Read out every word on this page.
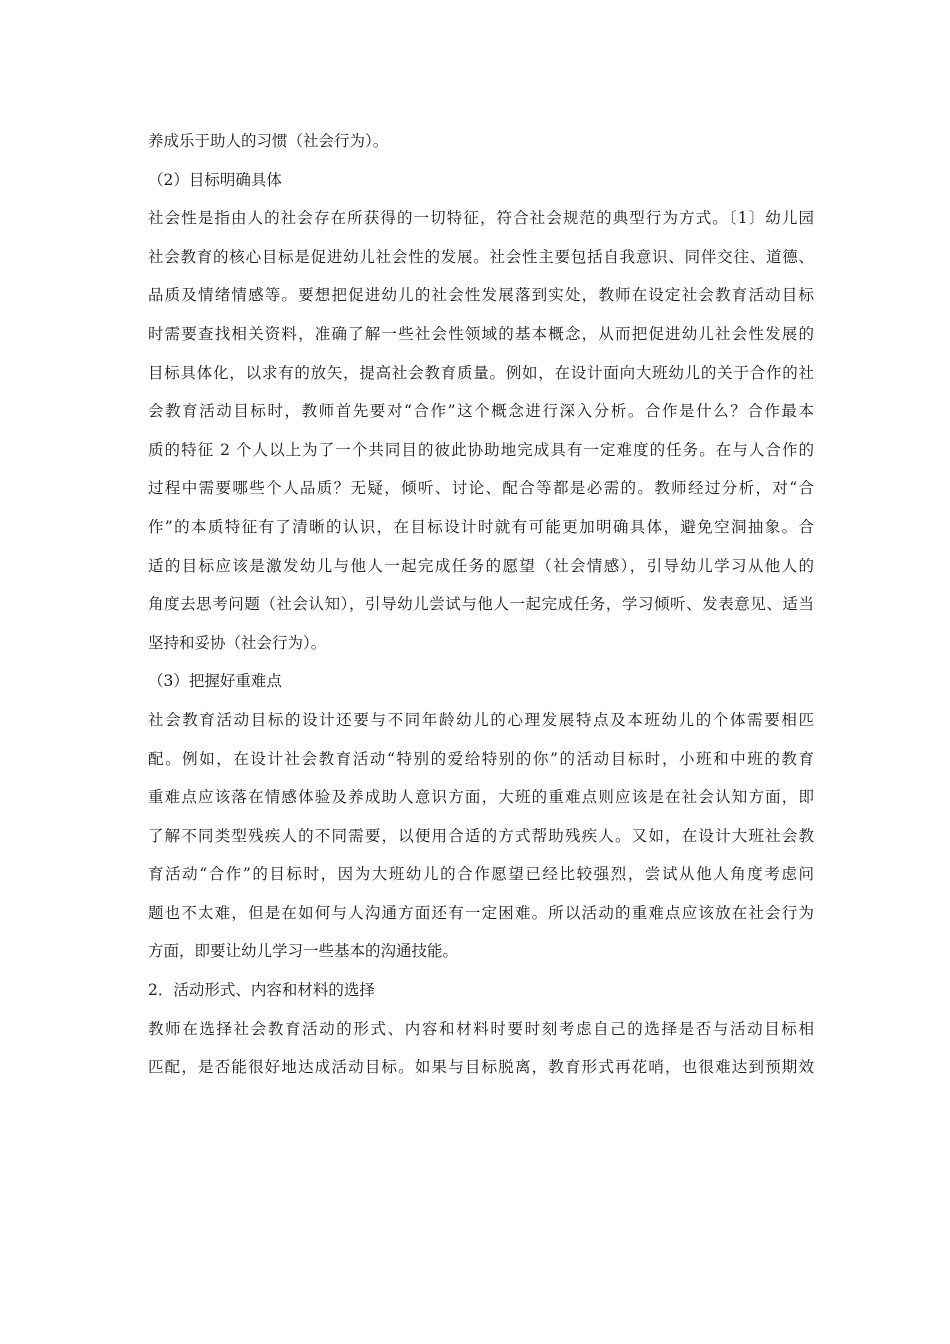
养成乐于助人的习惯（社会行为）。
（2）目标明确具体
社会性是指由人的社会存在所获得的一切特征，符合社会规范的典型行为方式。〔1〕幼儿园
社会教育的核心目标是促进幼儿社会性的发展。社会性主要包括自我意识、同伴交往、道德、
品质及情绪情感等。要想把促进幼儿的社会性发展落到实处，教师在设定社会教育活动目标
时需要查找相关资料，准确了解一些社会性领域的基本概念，从而把促进幼儿社会性发展的
目标具体化，以求有的放矢，提高社会教育质量。例如，在设计面向大班幼儿的关于合作的社
会教育活动目标时，教师首先要对“合作”这个概念进行深入分析。合作是什么？合作最本
质的特征 2 个人以上为了一个共同目的彼此协助地完成具有一定难度的任务。在与人合作的
过程中需要哪些个人品质？无疑，倾听、讨论、配合等都是必需的。教师经过分析，对“合
作”的本质特征有了清晰的认识，在目标设计时就有可能更加明确具体，避免空洞抽象。合
适的目标应该是激发幼儿与他人一起完成任务的愿望（社会情感），引导幼儿学习从他人的
角度去思考问题（社会认知），引导幼儿尝试与他人一起完成任务，学习倾听、发表意见、适当
坚持和妥协（社会行为）。
（3）把握好重难点
社会教育活动目标的设计还要与不同年龄幼儿的心理发展特点及本班幼儿的个体需要相匹
配。例如，在设计社会教育活动“特别的爱给特别的你”的活动目标时，小班和中班的教育
重难点应该落在情感体验及养成助人意识方面，大班的重难点则应该是在社会认知方面，即
了解不同类型残疾人的不同需要，以便用合适的方式帮助残疾人。又如，在设计大班社会教
育活动“合作”的目标时，因为大班幼儿的合作愿望已经比较强烈，尝试从他人角度考虑问
题也不太难，但是在如何与人沟通方面还有一定困难。所以活动的重难点应该放在社会行为
方面，即要让幼儿学习一些基本的沟通技能。
2．活动形式、内容和材料的选择
教师在选择社会教育活动的形式、内容和材料时要时刻考虑自己的选择是否与活动目标相
匹配，是否能很好地达成活动目标。如果与目标脱离，教育形式再花哨，也很难达到预期效
